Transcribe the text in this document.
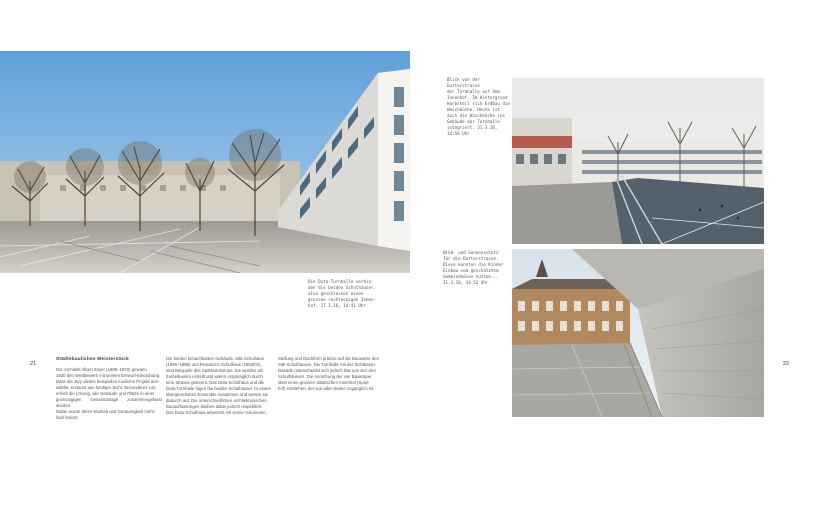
Die Duta-Turnhalle verbin-
den die beiden Schulhäuser,
also geschlossen einen
grossen rechteckigen Innen-
hof. 17.3.16, 14:41 Uhr
21
Städtebauliches Meisterstück
Der Architekt Albert Zeyer (1895–1972) gewann
1930 den Wettbewerb mit seinem Entwurf-Einordnung.
Dass die Jury dieses beispiellos moderne Projekt aus-
wählte, erstaunt aus heutiger Sicht. Besonderes Lob
erhielt die Lösung, wie Gebäude und Plätze in einer
grosszügigen Gesamtanlage zusammengefasst wurden.
Dabei wurde deren Klarheit und Geräumigkeit mehr-
fach betont.
Die beiden benachbarten Gebäude, Säli-Schulhaus
(1896–1898) und Pestalozzi-Schulhaus (1903/04),
sind Beispiele des Späthistorismus. Sie wurden als
Einbelbauten erstellt und waren ursprünglich durch
eine Strasse getrennt. Das Duta-Schulhaus und die
Duta-Turnhalle fügen die beiden Schulhäuser zu einem
übergeordneten Ensemble zusammen und werten sie
dadurch auf. Die unterschiedlichen architektonischen
Bauauffassungen bleiben dabei jedoch respektiert.
Das Duta-Schulhaus antwortet mit seiner Volumetrie,
Stellung und Dachform präzise auf die Bauweise des
Säli-Schulhauses. Die Turnhalle mit der Sichtbeton-
fassade unterscheidet sich jedoch klar von den drei
Schulhäusern. Die Anordnung der vier Baukörper
lässt einen grossen städtischen Innenhof (Spiel-
hof) entstehen, der von allen Seiten zugänglich ist.
Blick von der Dutterstrasse
der Turnhalle auf dem
Innenhof. Im Hintergrund
Harbsteil sich Erdbau die
Waschküche. Heute ist
auch die Waschküche ins
Gebäude der Turnhalle
integriert. 31.3.16,
14:56 Uhr
Wind- und Sonnenschutz
für die Dutterstrasse.
Diese konnten die Kinder
Einbau vom geschütztem
Gemeindedien nutzen...
31.3.16, 14:52 Uhr
22
